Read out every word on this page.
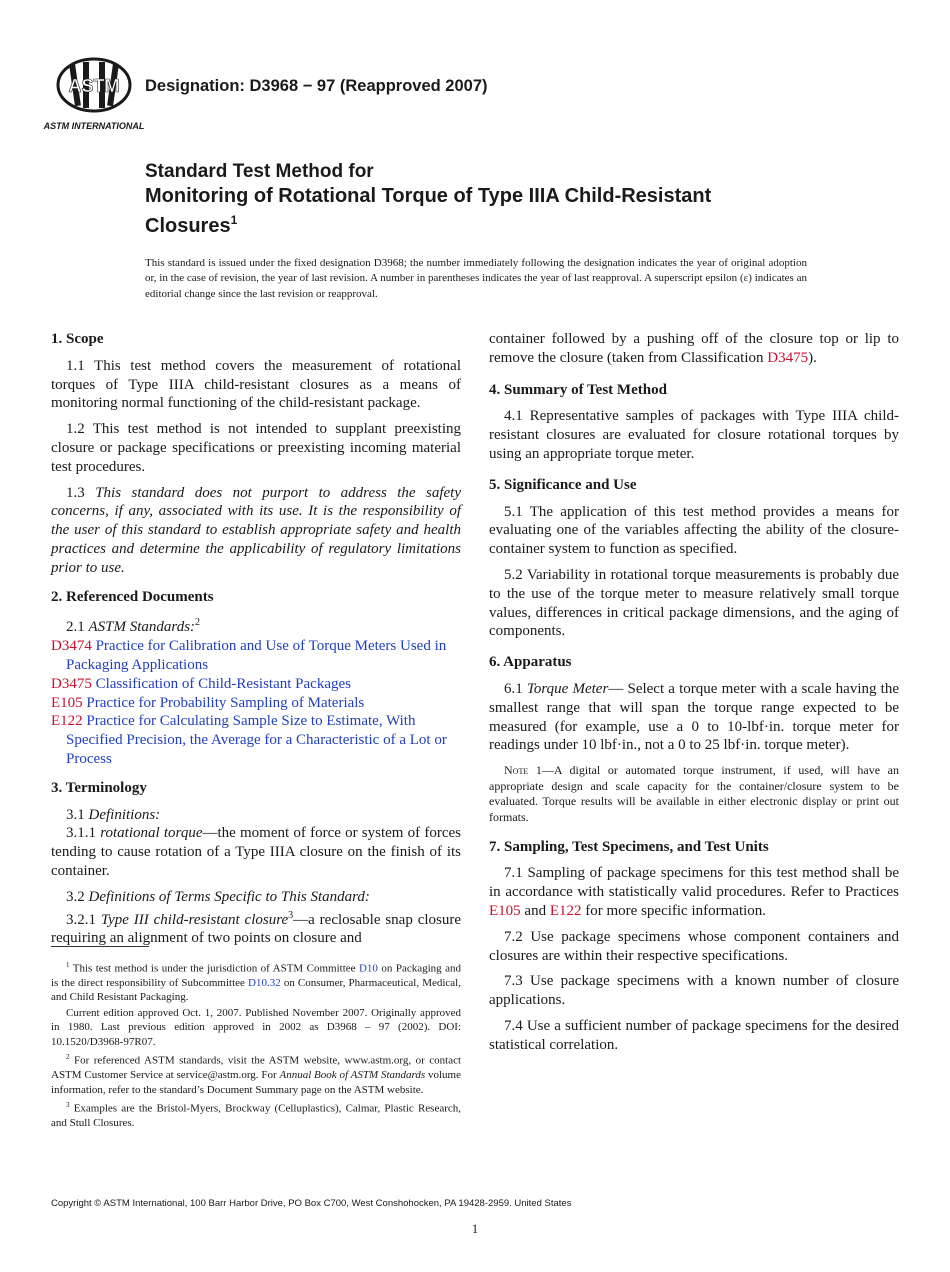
ASTM
ASTM INTERNATIONAL
Designation: D3968 − 97 (Reapproved 2007)
Standard Test Method for
Monitoring of Rotational Torque of Type IIIA Child-Resistant
Closures$^1$
This standard is issued under the fixed designation D3968; the number immediately following the designation indicates the year of original adoption or, in the case of revision, the year of last revision. A number in parentheses indicates the year of last reapproval. A superscript epsilon (ε) indicates an editorial change since the last revision or reapproval.
1. Scope
1.1 This test method covers the measurement of rotational torques of Type IIIA child-resistant closures as a means of monitoring normal functioning of the child-resistant package.
1.2 This test method is not intended to supplant preexisting closure or package specifications or preexisting incoming material test procedures.
1.3 This standard does not purport to address the safety concerns, if any, associated with its use. It is the responsibility of the user of this standard to establish appropriate safety and health practices and determine the applicability of regulatory limitations prior to use.
2. Referenced Documents
2.1 ASTM Standards:$^2$
D3474 Practice for Calibration and Use of Torque Meters Used in Packaging Applications
D3475 Classification of Child-Resistant Packages
E105 Practice for Probability Sampling of Materials
E122 Practice for Calculating Sample Size to Estimate, With Specified Precision, the Average for a Characteristic of a Lot or Process
3. Terminology
3.1 Definitions:
3.1.1 rotational torque—the moment of force or system of forces tending to cause rotation of a Type IIIA closure on the finish of its container.
3.2 Definitions of Terms Specific to This Standard:
3.2.1 Type III child-resistant closure$^3$—a reclosable snap closure requiring an alignment of two points on closure and
$^1$ This test method is under the jurisdiction of ASTM Committee D10 on Packaging and is the direct responsibility of Subcommittee D10.32 on Consumer, Pharmaceutical, Medical, and Child Resistant Packaging.
Current edition approved Oct. 1, 2007. Published November 2007. Originally approved in 1980. Last previous edition approved in 2002 as D3968 – 97 (2002). DOI: 10.1520/D3968-97R07.
$^2$ For referenced ASTM standards, visit the ASTM website, www.astm.org, or contact ASTM Customer Service at service@astm.org. For Annual Book of ASTM Standards volume information, refer to the standard’s Document Summary page on the ASTM website.
$^3$ Examples are the Bristol-Myers, Brockway (Celluplastics), Calmar, Plastic Research, and Stull Closures.
container followed by a pushing off of the closure top or lip to remove the closure (taken from Classification D3475).
4. Summary of Test Method
4.1 Representative samples of packages with Type IIIA child-resistant closures are evaluated for closure rotational torques by using an appropriate torque meter.
5. Significance and Use
5.1 The application of this test method provides a means for evaluating one of the variables affecting the ability of the closure-container system to function as specified.
5.2 Variability in rotational torque measurements is probably due to the use of the torque meter to measure relatively small torque values, differences in critical package dimensions, and the aging of components.
6. Apparatus
6.1 Torque Meter— Select a torque meter with a scale having the smallest range that will span the torque range expected to be measured (for example, use a 0 to 10-lbf·in. torque meter for readings under 10 lbf·in., not a 0 to 25 lbf·in. torque meter).
Note 1—A digital or automated torque instrument, if used, will have an appropriate design and scale capacity for the container/closure system to be evaluated. Torque results will be available in either electronic display or print out formats.
7. Sampling, Test Specimens, and Test Units
7.1 Sampling of package specimens for this test method shall be in accordance with statistically valid procedures. Refer to Practices E105 and E122 for more specific information.
7.2 Use package specimens whose component containers and closures are within their respective specifications.
7.3 Use package specimens with a known number of closure applications.
7.4 Use a sufficient number of package specimens for the desired statistical correlation.
Copyright © ASTM International, 100 Barr Harbor Drive, PO Box C700, West Conshohocken, PA 19428-2959. United States
1
